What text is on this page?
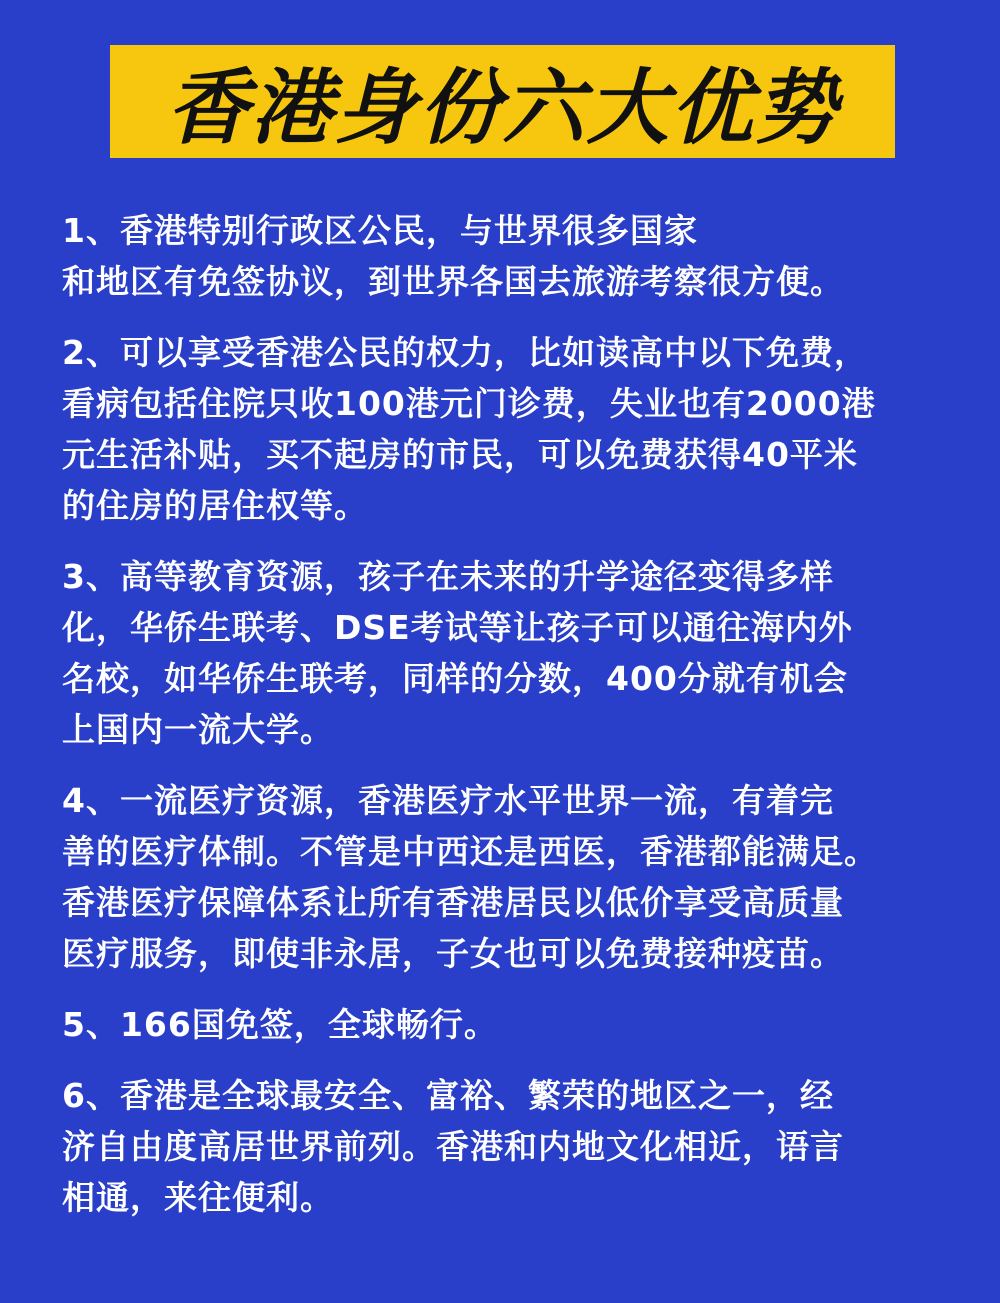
香港身份六大优势
1、香港特别行政区公民，与世界很多国家
和地区有免签协议，到世界各国去旅游考察很方便。
2、可以享受香港公民的权力，比如读高中以下免费，
看病包括住院只收100港元门诊费，失业也有2000港
元生活补贴，买不起房的市民，可以免费获得40平米
的住房的居住权等。
3、高等教育资源，孩子在未来的升学途径变得多样
化，华侨生联考、DSE考试等让孩子可以通往海内外
名校，如华侨生联考，同样的分数，400分就有机会
上国内一流大学。
4、一流医疗资源，香港医疗水平世界一流，有着完
善的医疗体制。不管是中西还是西医，香港都能满足。
香港医疗保障体系让所有香港居民以低价享受高质量
医疗服务，即使非永居，子女也可以免费接种疫苗。
5、166国免签，全球畅行。
6、香港是全球最安全、富裕、繁荣的地区之一，经
济自由度高居世界前列。香港和内地文化相近，语言
相通，来往便利。
